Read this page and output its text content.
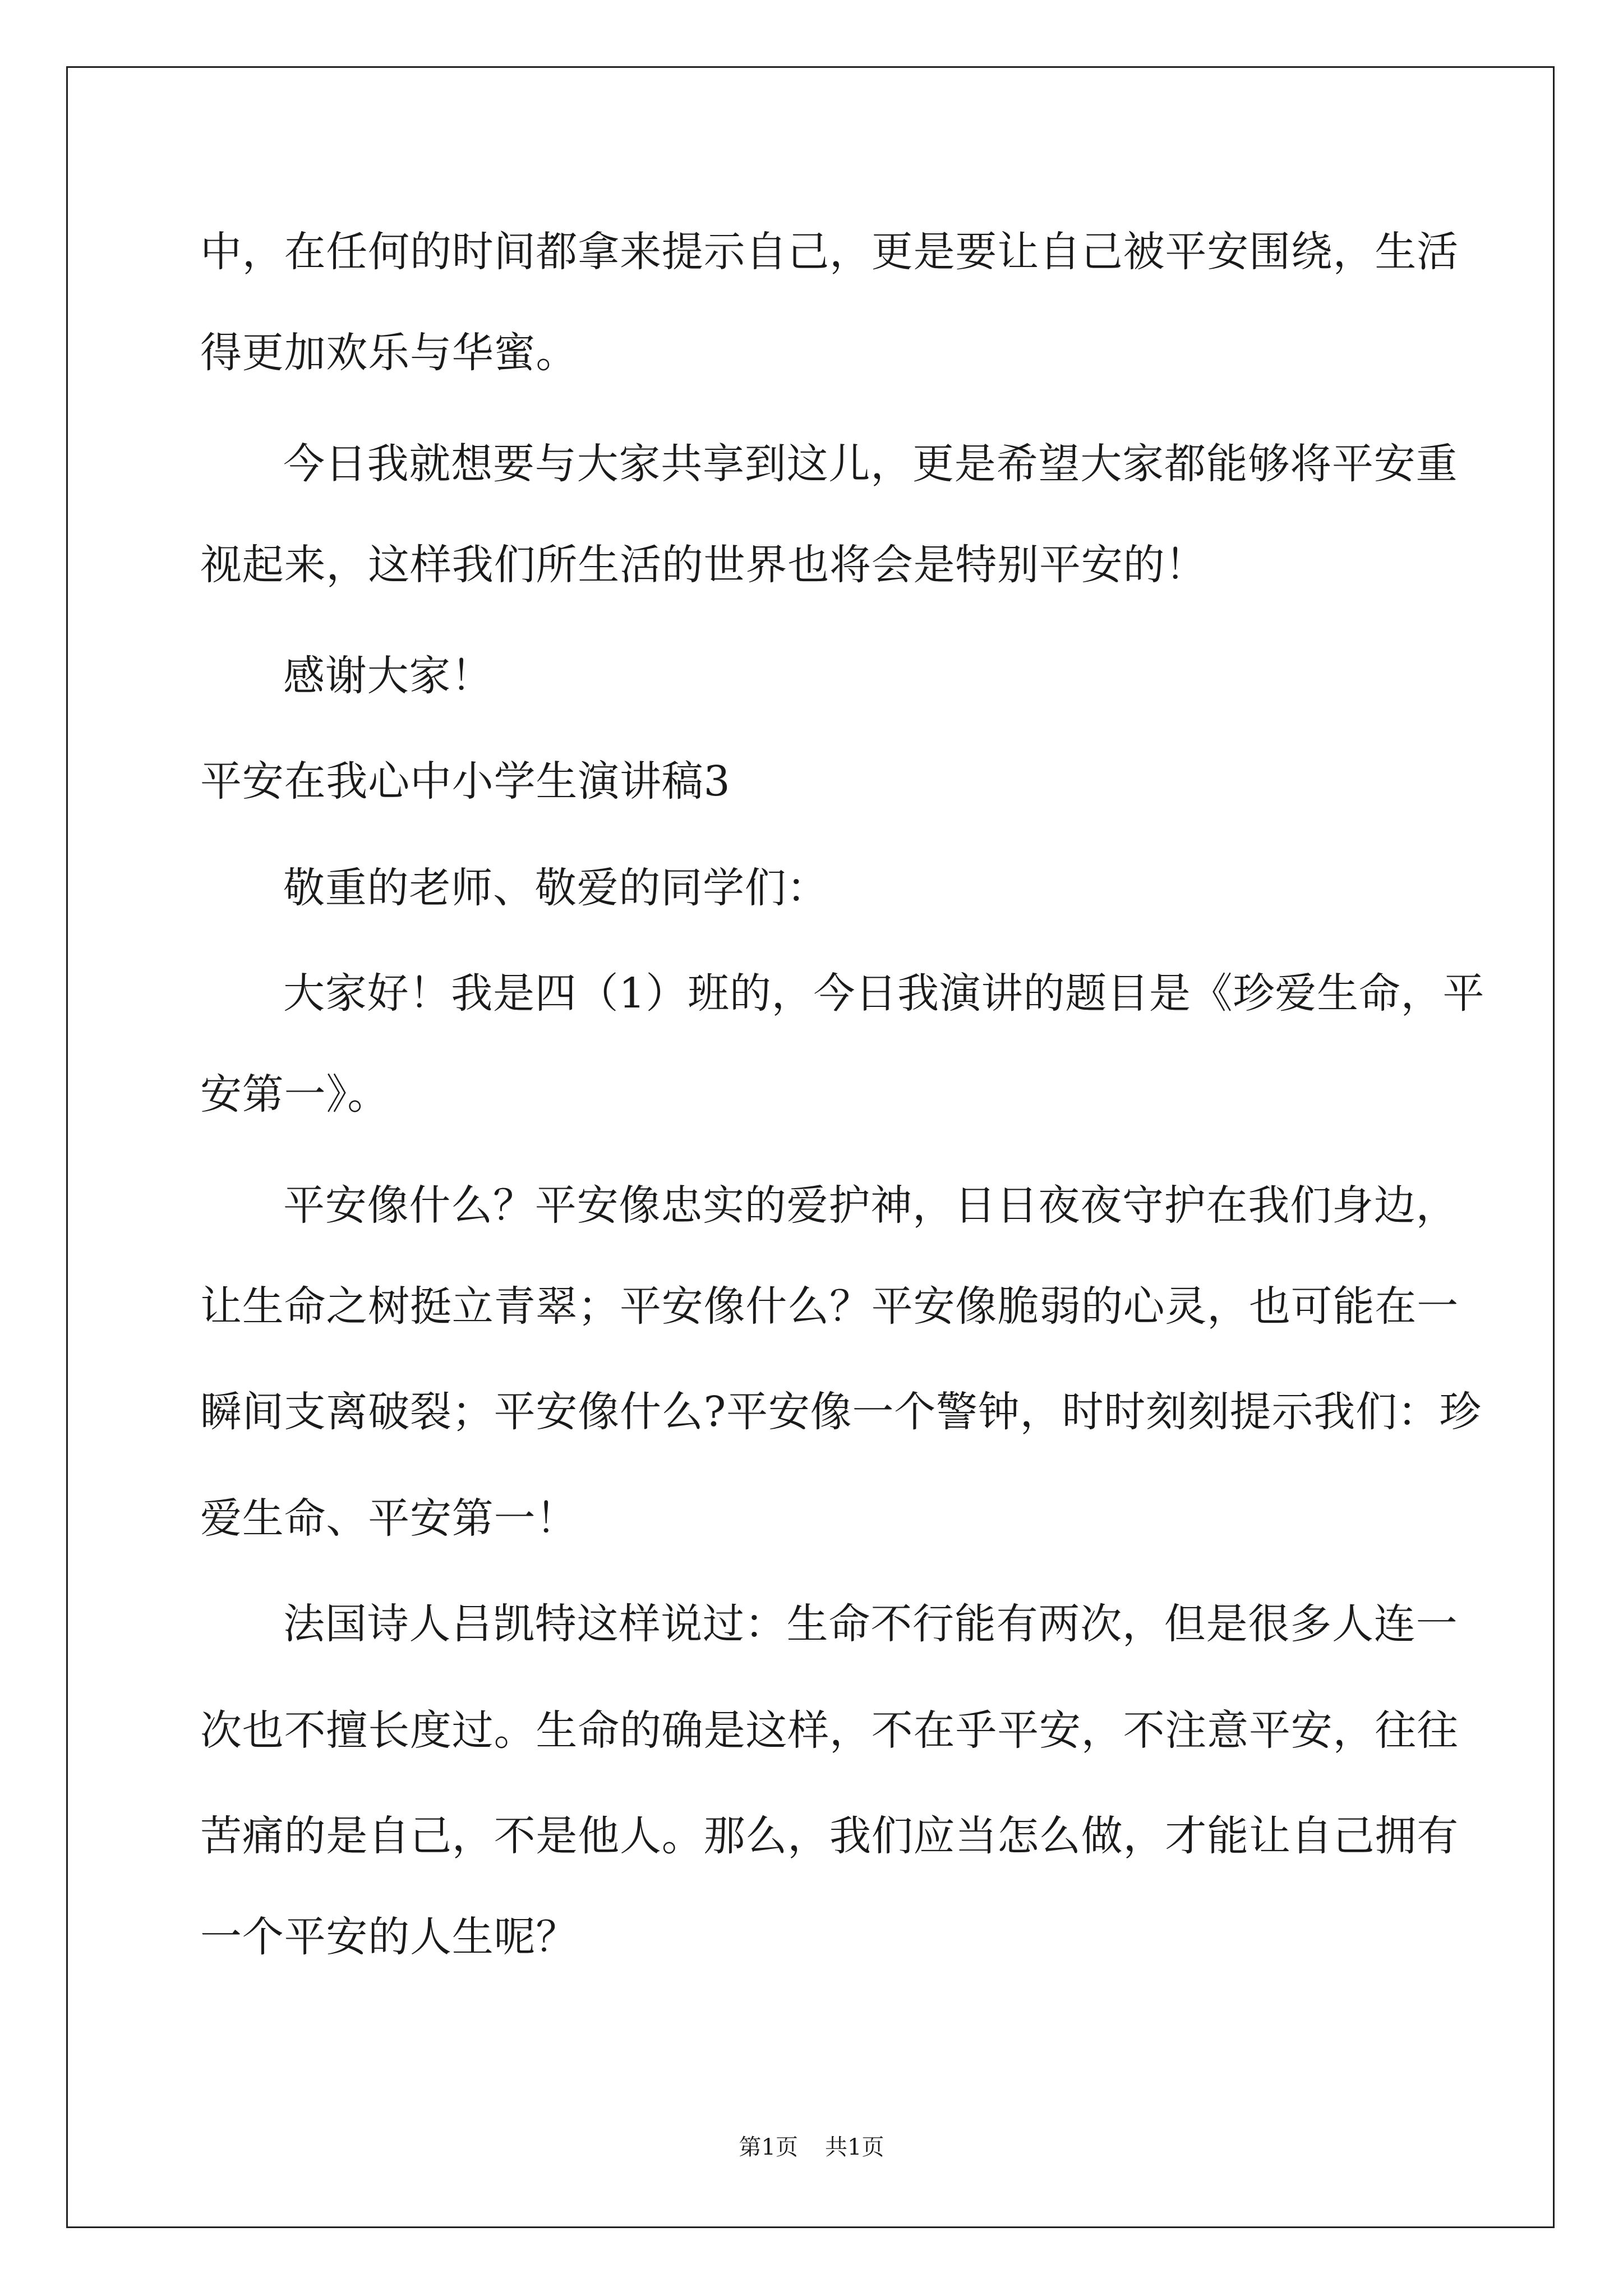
中，在任何的时间都拿来提示自己，更是要让自己被平安围绕，生活

得更加欢乐与华蜜。

今日我就想要与大家共享到这儿，更是希望大家都能够将平安重

视起来，这样我们所生活的世界也将会是特别平安的！

感谢大家！

平安在我心中小学生演讲稿3

敬重的老师、敬爱的同学们：

大家好！我是四（1）班的，今日我演讲的题目是《珍爱生命，平

安第一》。

平安像什么？平安像忠实的爱护神，日日夜夜守护在我们身边，

让生命之树挺立青翠；平安像什么？平安像脆弱的心灵，也可能在一

瞬间支离破裂；平安像什么?平安像一个警钟，时时刻刻提示我们：珍

爱生命、平安第一！

法国诗人吕凯特这样说过：生命不行能有两次，但是很多人连一

次也不擅长度过。生命的确是这样，不在乎平安，不注意平安，往往

苦痛的是自己，不是他人。那么，我们应当怎么做，才能让自己拥有

一个平安的人生呢？

第1页 共1页
